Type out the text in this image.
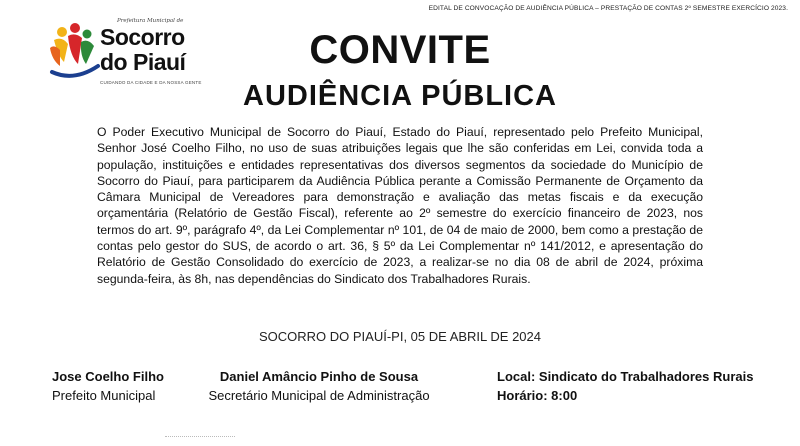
EDITAL DE CONVOCAÇÃO DE AUDIÊNCIA PÚBLICA – PRESTAÇÃO DE CONTAS 2º SEMESTRE EXERCÍCIO 2023.
Prefeitura Municipal de
Socorro
do Piauí
CUIDANDO DA CIDADE E DA NOSSA GENTE
CONVITE
AUDIÊNCIA PÚBLICA
O Poder Executivo Municipal de Socorro do Piauí, Estado do Piauí, representado pelo Prefeito Municipal, Senhor José Coelho Filho, no uso de suas atribuições legais que lhe são conferidas em Lei, convida toda a população, instituições e entidades representativas dos diversos segmentos da sociedade do Município de Socorro do Piauí, para participarem da Audiência Pública perante a Comissão Permanente de Orçamento da Câmara Municipal de Vereadores para demonstração e avaliação das metas fiscais e da execução orçamentária (Relatório de Gestão Fiscal), referente ao 2º semestre do exercício financeiro de 2023, nos termos do art. 9º, parágrafo 4º, da Lei Complementar nº 101, de 04 de maio de 2000, bem como a prestação de contas pelo gestor do SUS, de acordo o art. 36, § 5º da Lei Complementar nº 141/2012, e apresentação do Relatório de Gestão Consolidado do exercício de 2023, a realizar-se no dia 08 de abril de 2024, próxima segunda-feira, às 8h, nas dependências do Sindicato dos Trabalhadores Rurais.
SOCORRO DO PIAUÍ-PI, 05 DE ABRIL DE 2024
Jose Coelho Filho
Prefeito Municipal
Daniel Amâncio Pinho de Sousa
Secretário Municipal de Administração
Local: Sindicato do Trabalhadores Rurais
Horário: 8:00
